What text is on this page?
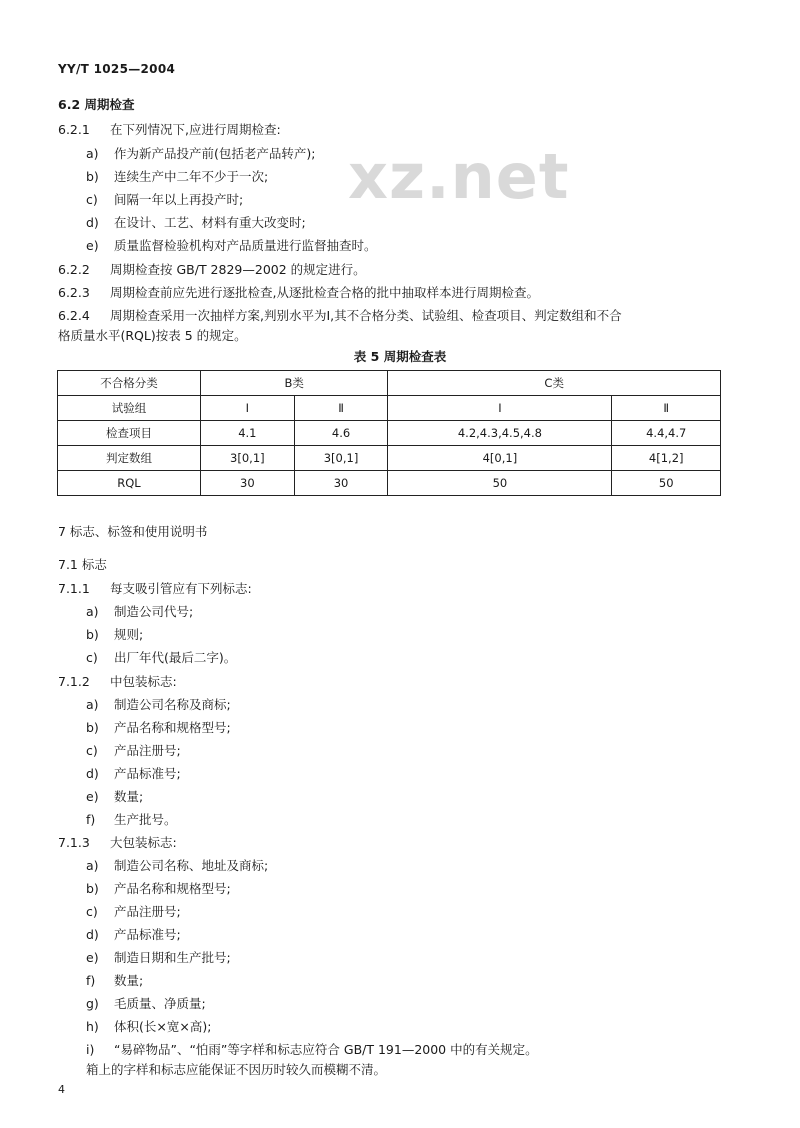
YY/T 1025—2004
xz.net
6.2 周期检查
6.2.1 在下列情况下,应进行周期检查:
a) 作为新产品投产前(包括老产品转产);
b) 连续生产中二年不少于一次;
c) 间隔一年以上再投产时;
d) 在设计、工艺、材料有重大改变时;
e) 质量监督检验机构对产品质量进行监督抽查时。
6.2.2 周期检查按 GB/T 2829—2002 的规定进行。
6.2.3 周期检查前应先进行逐批检查,从逐批检查合格的批中抽取样本进行周期检查。
6.2.4 周期检查采用一次抽样方案,判别水平为Ⅰ,其不合格分类、试验组、检查项目、判定数组和不合
格质量水平(RQL)按表 5 的规定。
表 5 周期检查表
不合格分类	B类		C类	
试验组	Ⅰ	Ⅱ	Ⅰ	Ⅱ
检查项目	4.1	4.6	4.2,4.3,4.5,4.8	4.4,4.7
判定数组	3[0,1]	3[0,1]	4[0,1]	4[1,2]
RQL	30	30	50	50
7 标志、标签和使用说明书
7.1 标志
7.1.1 每支吸引管应有下列标志:
a) 制造公司代号;
b) 规则;
c) 出厂年代(最后二字)。
7.1.2 中包装标志:
a) 制造公司名称及商标;
b) 产品名称和规格型号;
c) 产品注册号;
d) 产品标准号;
e) 数量;
f) 生产批号。
7.1.3 大包装标志:
a) 制造公司名称、地址及商标;
b) 产品名称和规格型号;
c) 产品注册号;
d) 产品标准号;
e) 制造日期和生产批号;
f) 数量;
g) 毛质量、净质量;
h) 体积(长×宽×高);
i) “易碎物品”、“怕雨”等字样和标志应符合 GB/T 191—2000 中的有关规定。
箱上的字样和标志应能保证不因历时较久而模糊不清。
4
